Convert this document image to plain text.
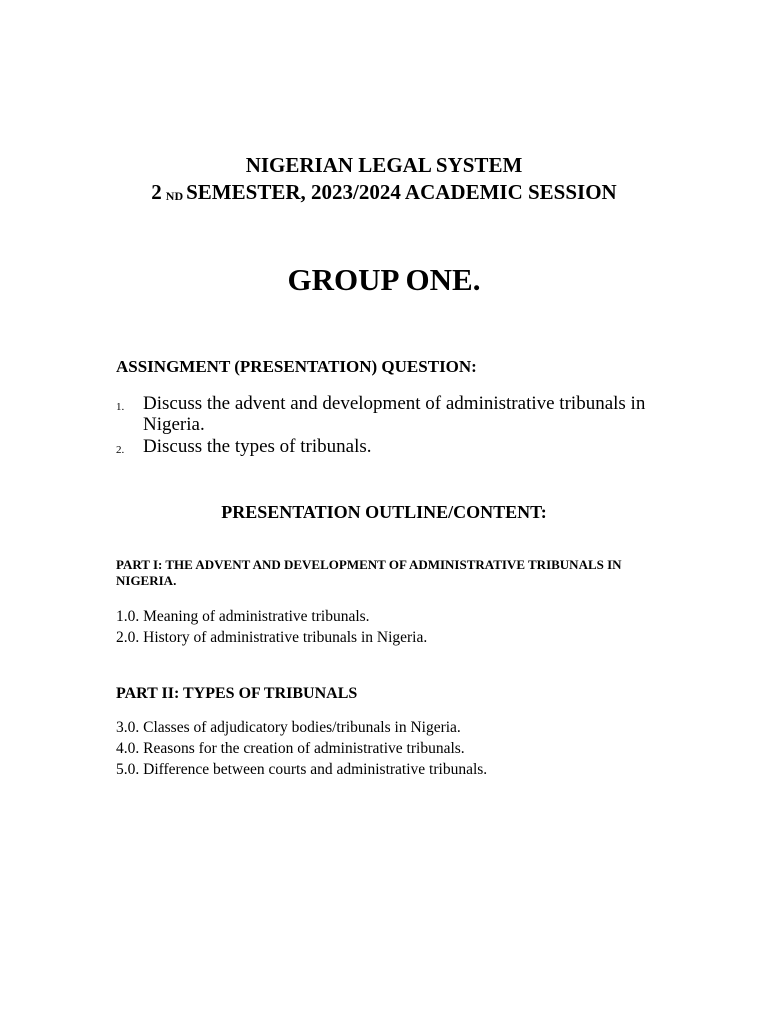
NIGERIAN LEGAL SYSTEM
2 ND SEMESTER, 2023/2024 ACADEMIC SESSION
GROUP ONE.
ASSINGMENT (PRESENTATION) QUESTION:
1. Discuss the advent and development of administrative tribunals in Nigeria.
2. Discuss the types of tribunals.
PRESENTATION OUTLINE/CONTENT:
PART I: THE ADVENT AND DEVELOPMENT OF ADMINISTRATIVE TRIBUNALS IN NIGERIA.
1.0. Meaning of administrative tribunals.
2.0. History of administrative tribunals in Nigeria.
PART II: TYPES OF TRIBUNALS
3.0. Classes of adjudicatory bodies/tribunals in Nigeria.
4.0. Reasons for the creation of administrative tribunals.
5.0. Difference between courts and administrative tribunals.
